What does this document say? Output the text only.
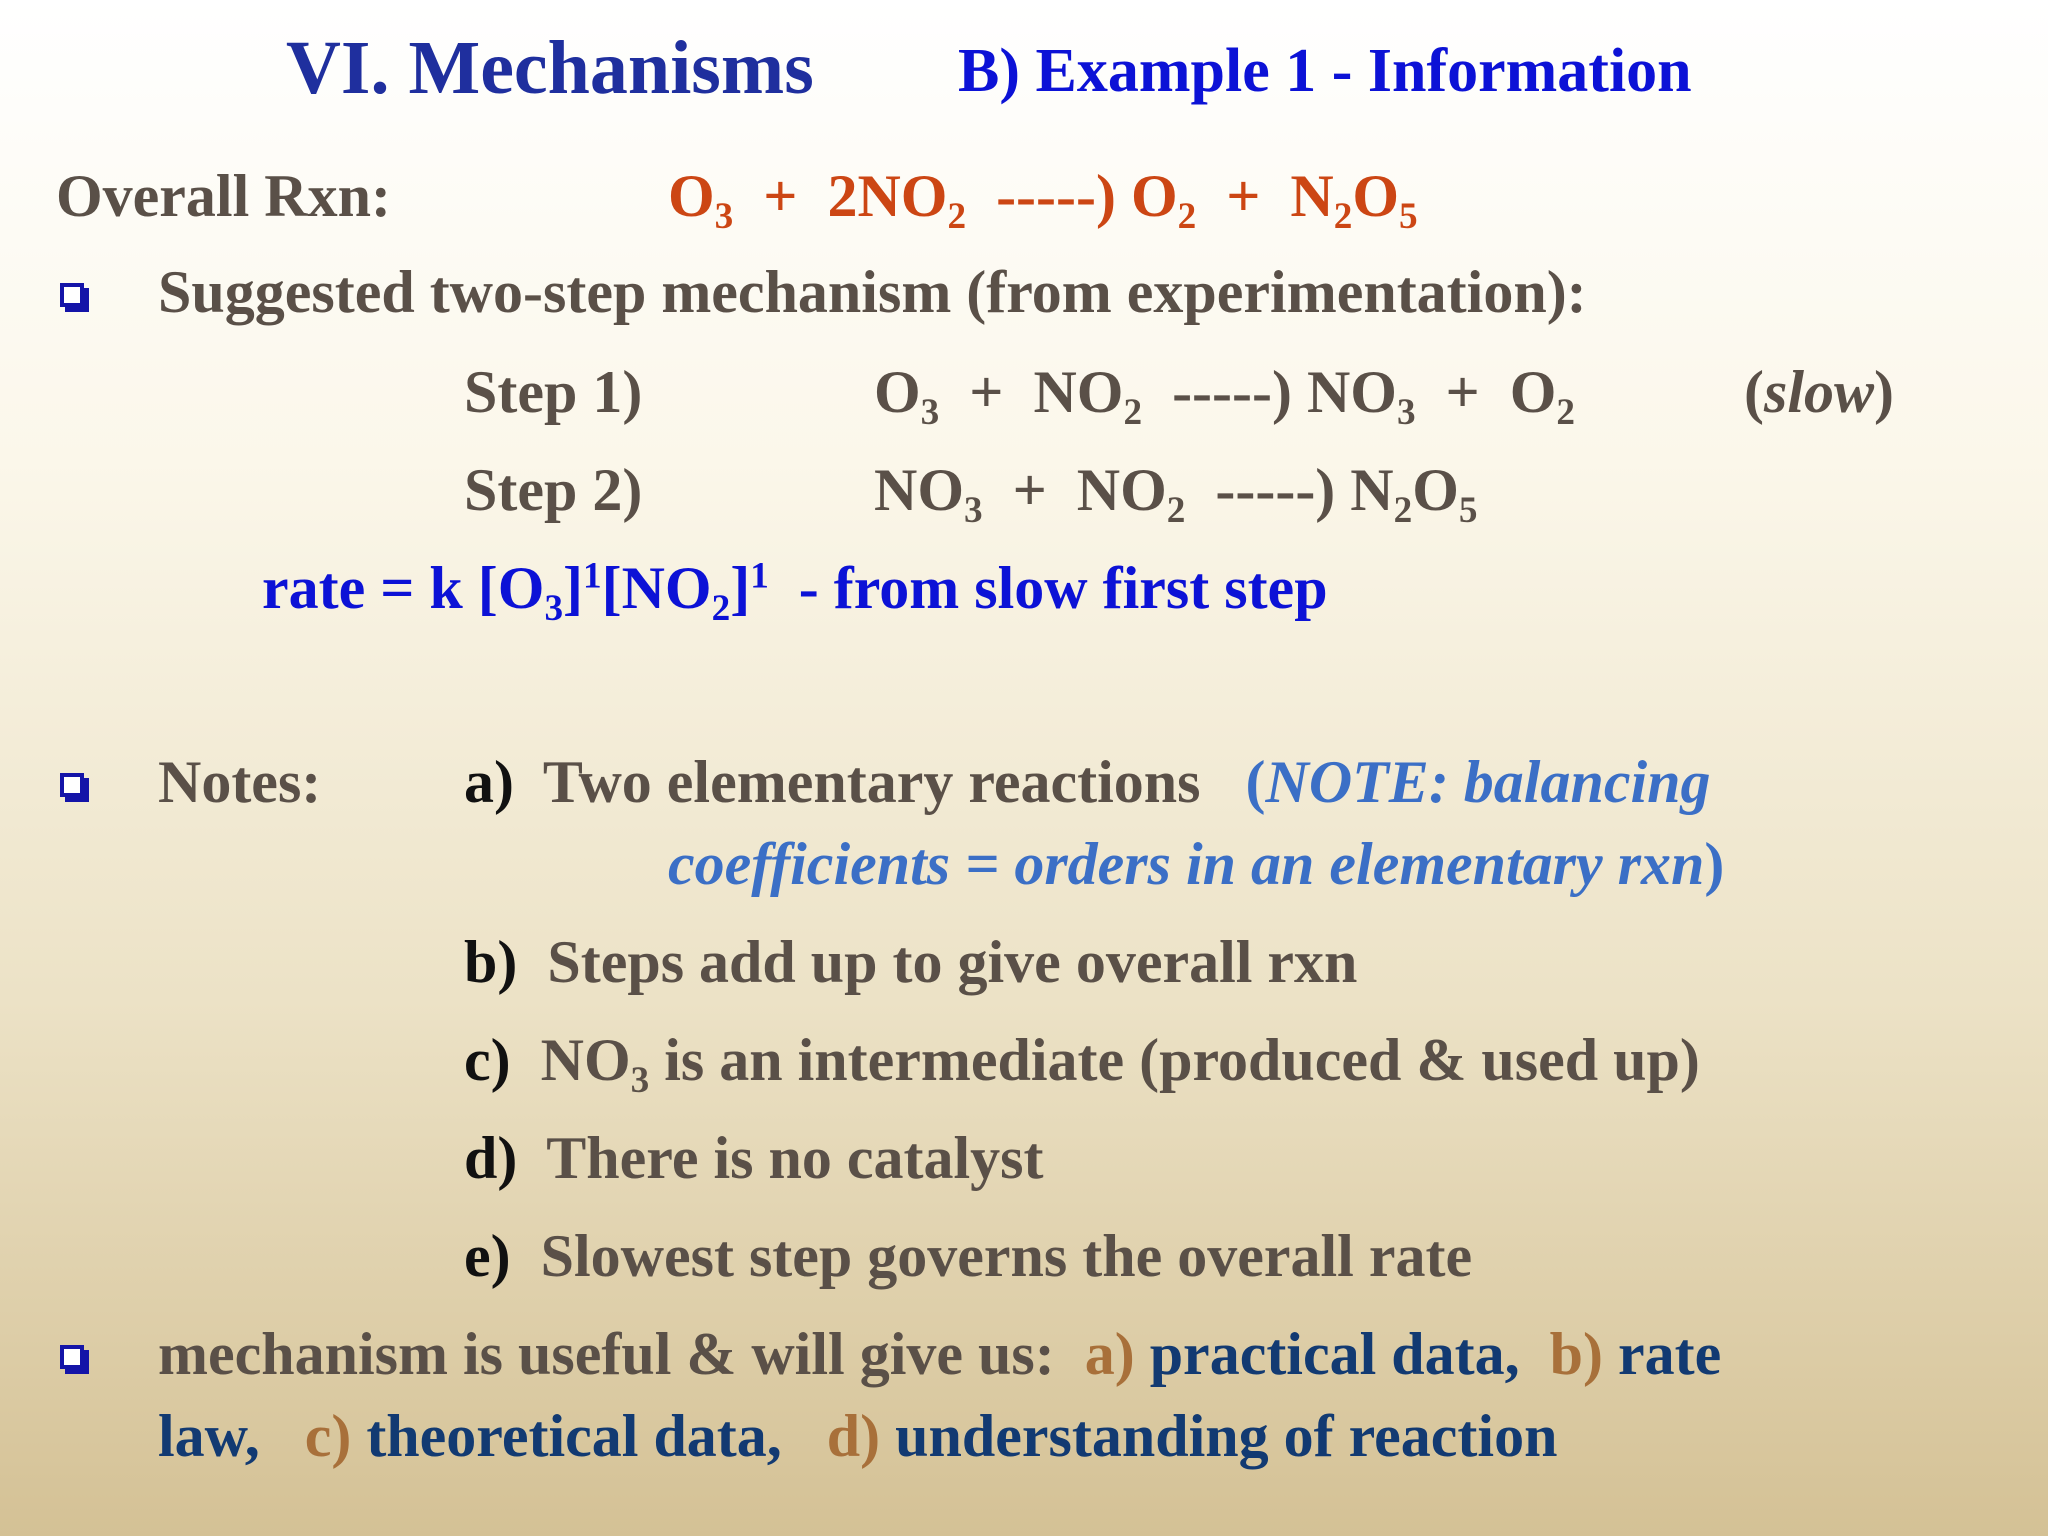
VI. Mechanisms B) Example 1 - Information
Overall Rxn:	$O_3 + 2NO_2$ -----) $O_2 + N_2O_5$
Suggested two-step mechanism (from experimentation):
Step 1)	$O_3 + NO_2$ -----) $NO_3 + O_2$	(slow)
Step 2)	$NO_3 + NO_2$ -----) $N_2O_5$
rate = k $[O_3]^1[NO_2]^1$ - from slow first step
Notes: a) Two elementary reactions (NOTE: balancing
coefficients = orders in an elementary rxn)
b) Steps add up to give overall rxn
c) $NO_3$ is an intermediate (produced & used up)
d) There is no catalyst
e) Slowest step governs the overall rate
mechanism is useful & will give us: a) practical data, b) rate
law, c) theoretical data, d) understanding of reaction
